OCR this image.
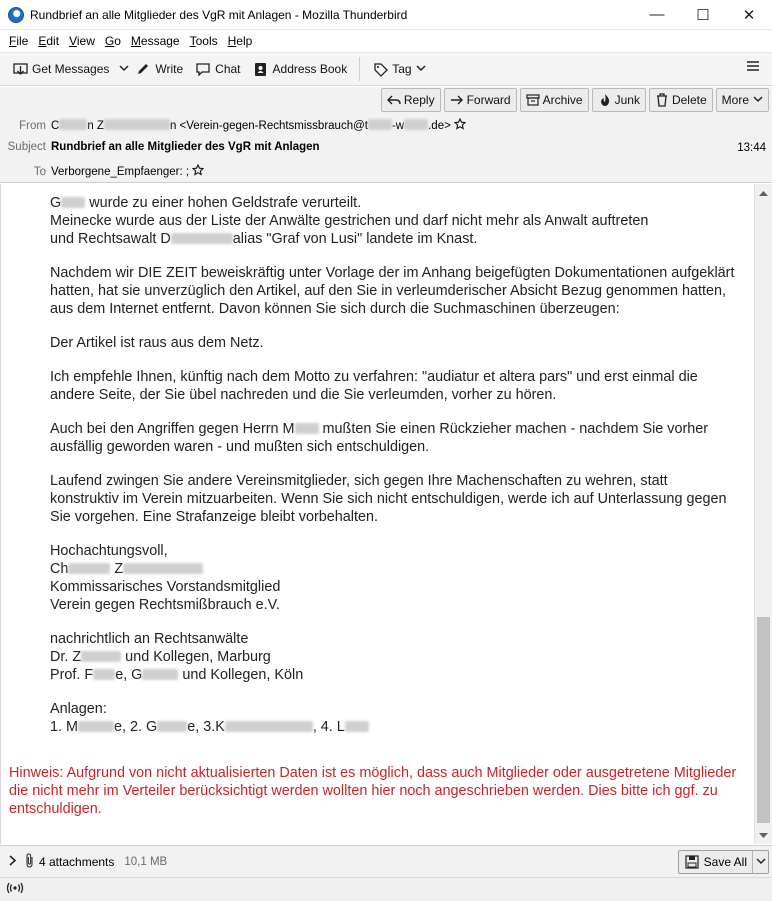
Rundbrief an alle Mitglieder des VgR mit Anlagen - Mozilla Thunderbird	—	☐	✕
File Edit View Go Message Tools Help
Get Messages	Write	Chat	Address Book	Tag
Reply	Forward	Archive	Junk	Delete More
From C n Z	n <Verein-gegen-Rechtsmissbrauch@t -w .de>
Subject Rundbrief an alle Mitglieder des VgR mit Anlagen	13:44
To Verborgene_Empfaenger: ;

G wurde zu einer hohen Geldstrafe verurteilt.
Meinecke wurde aus der Liste der Anwälte gestrichen und darf nicht mehr als Anwalt auftreten
und Rechtsawalt D	alias "Graf von Lusi" landete im Knast.

Nachdem wir DIE ZEIT beweiskräftig unter Vorlage der im Anhang beigefügten Dokumentationen aufgeklärt hatten, hat sie unverzüglich den Artikel, auf den Sie in verleumderischer Absicht Bezug genommen hatten, aus dem Internet entfernt. Davon können Sie sich durch die Suchmaschinen überzeugen:

Der Artikel ist raus aus dem Netz.

Ich empfehle Ihnen, künftig nach dem Motto zu verfahren: "audiatur et altera pars" und erst einmal die andere Seite, der Sie übel nachreden und die Sie verleumden, vorher zu hören.

Auch bei den Angriffen gegen Herrn M mußten Sie einen Rückzieher machen - nachdem Sie vorher ausfällig geworden waren - und mußten sich entschuldigen.

Laufend zwingen Sie andere Vereinsmitglieder, sich gegen Ihre Machenschaften zu wehren, statt konstruktiv im Verein mitzuarbeiten. Wenn Sie sich nicht entschuldigen, werde ich auf Unterlassung gegen Sie vorgehen. Eine Strafanzeige bleibt vorbehalten.

Hochachtungsvoll,
Ch	Z
Kommissarisches Vorstandsmitglied
Verein gegen Rechtsmißbrauch e.V.

nachrichtlich an Rechtsanwälte
Dr. Z	und Kollegen, Marburg
Prof. F e, G	und Kollegen, Köln

Anlagen:
1. M	e, 2. G e, 3.K	, 4. L

Hinweis: Aufgrund von nicht aktualisierten Daten ist es möglich, dass auch Mitglieder oder ausgetretene Mitglieder die nicht mehr im Verteiler berücksichtigt werden wollten hier noch angeschrieben werden. Dies bitte ich ggf. zu entschuldigen.
4 attachments 10,1 MB	Save All
